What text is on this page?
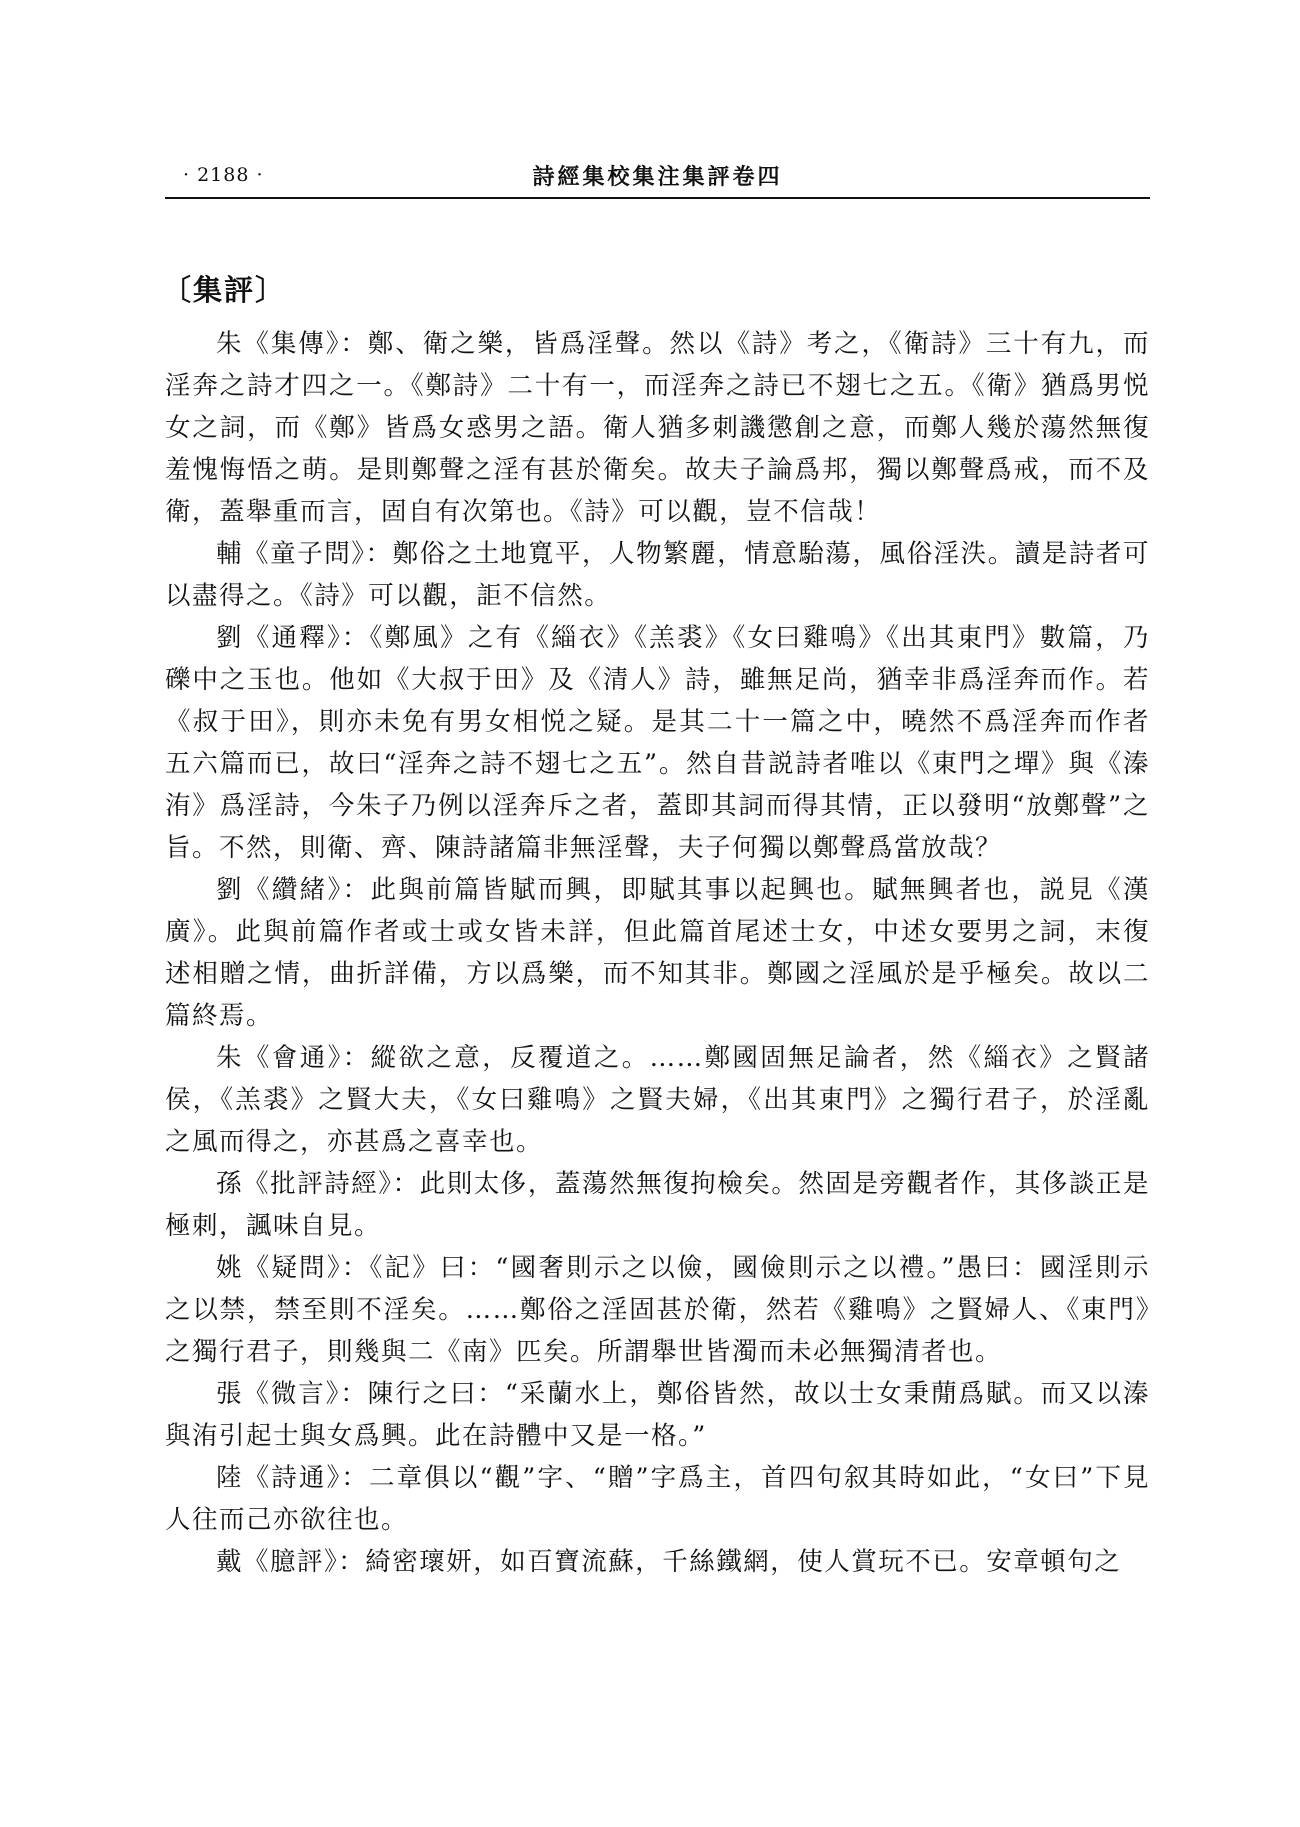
· 2188 ·	詩經集校集注集評卷四
〔集評〕

朱《集傳》：鄭、衛之樂，皆爲淫聲。然以《詩》考之，《衛詩》三十有九，而淫奔之詩才四之一。《鄭詩》二十有一，而淫奔之詩已不翅七之五。《衛》猶爲男悦女之詞，而《鄭》皆爲女惑男之語。衛人猶多刺譏懲創之意，而鄭人幾於蕩然無復羞愧悔悟之萌。是則鄭聲之淫有甚於衛矣。故夫子論爲邦，獨以鄭聲爲戒，而不及衛，蓋舉重而言，固自有次第也。《詩》可以觀，豈不信哉！

輔《童子問》：鄭俗之土地寬平，人物繁麗，情意駘蕩，風俗淫泆。讀是詩者可以盡得之。《詩》可以觀，詎不信然。

劉《通釋》：《鄭風》之有《緇衣》《羔裘》《女曰雞鳴》《出其東門》數篇，乃礫中之玉也。他如《大叔于田》及《清人》詩，雖無足尚，猶幸非爲淫奔而作。若《叔于田》，則亦未免有男女相悦之疑。是其二十一篇之中，曉然不爲淫奔而作者五六篇而已，故曰“淫奔之詩不翅七之五”。然自昔説詩者唯以《東門之墠》與《溱洧》爲淫詩，今朱子乃例以淫奔斥之者，蓋即其詞而得其情，正以發明“放鄭聲”之旨。不然，則衛、齊、陳詩諸篇非無淫聲，夫子何獨以鄭聲爲當放哉？

劉《纘緒》：此與前篇皆賦而興，即賦其事以起興也。賦無興者也，説見《漢廣》。此與前篇作者或士或女皆未詳，但此篇首尾述士女，中述女要男之詞，末復述相贈之情，曲折詳備，方以爲樂，而不知其非。鄭國之淫風於是乎極矣。故以二篇終焉。

朱《會通》：縱欲之意，反覆道之。……鄭國固無足論者，然《緇衣》之賢諸侯，《羔裘》之賢大夫，《女曰雞鳴》之賢夫婦，《出其東門》之獨行君子，於淫亂之風而得之，亦甚爲之喜幸也。

孫《批評詩經》：此則太侈，蓋蕩然無復拘檢矣。然固是旁觀者作，其侈談正是極刺，諷味自見。

姚《疑問》：《記》曰：“國奢則示之以儉，國儉則示之以禮。”愚曰：國淫則示之以禁，禁至則不淫矣。……鄭俗之淫固甚於衛，然若《雞鳴》之賢婦人、《東門》之獨行君子，則幾與二《南》匹矣。所謂舉世皆濁而未必無獨清者也。

張《微言》：陳行之曰：“采蘭水上，鄭俗皆然，故以士女秉蕑爲賦。而又以溱與洧引起士與女爲興。此在詩體中又是一格。”

陸《詩通》：二章俱以“觀”字、“贈”字爲主，首四句叙其時如此，“女曰”下見人往而己亦欲往也。

戴《臆評》：綺密瓌妍，如百寶流蘇，千絲鐵網，使人賞玩不已。安章頓句之
